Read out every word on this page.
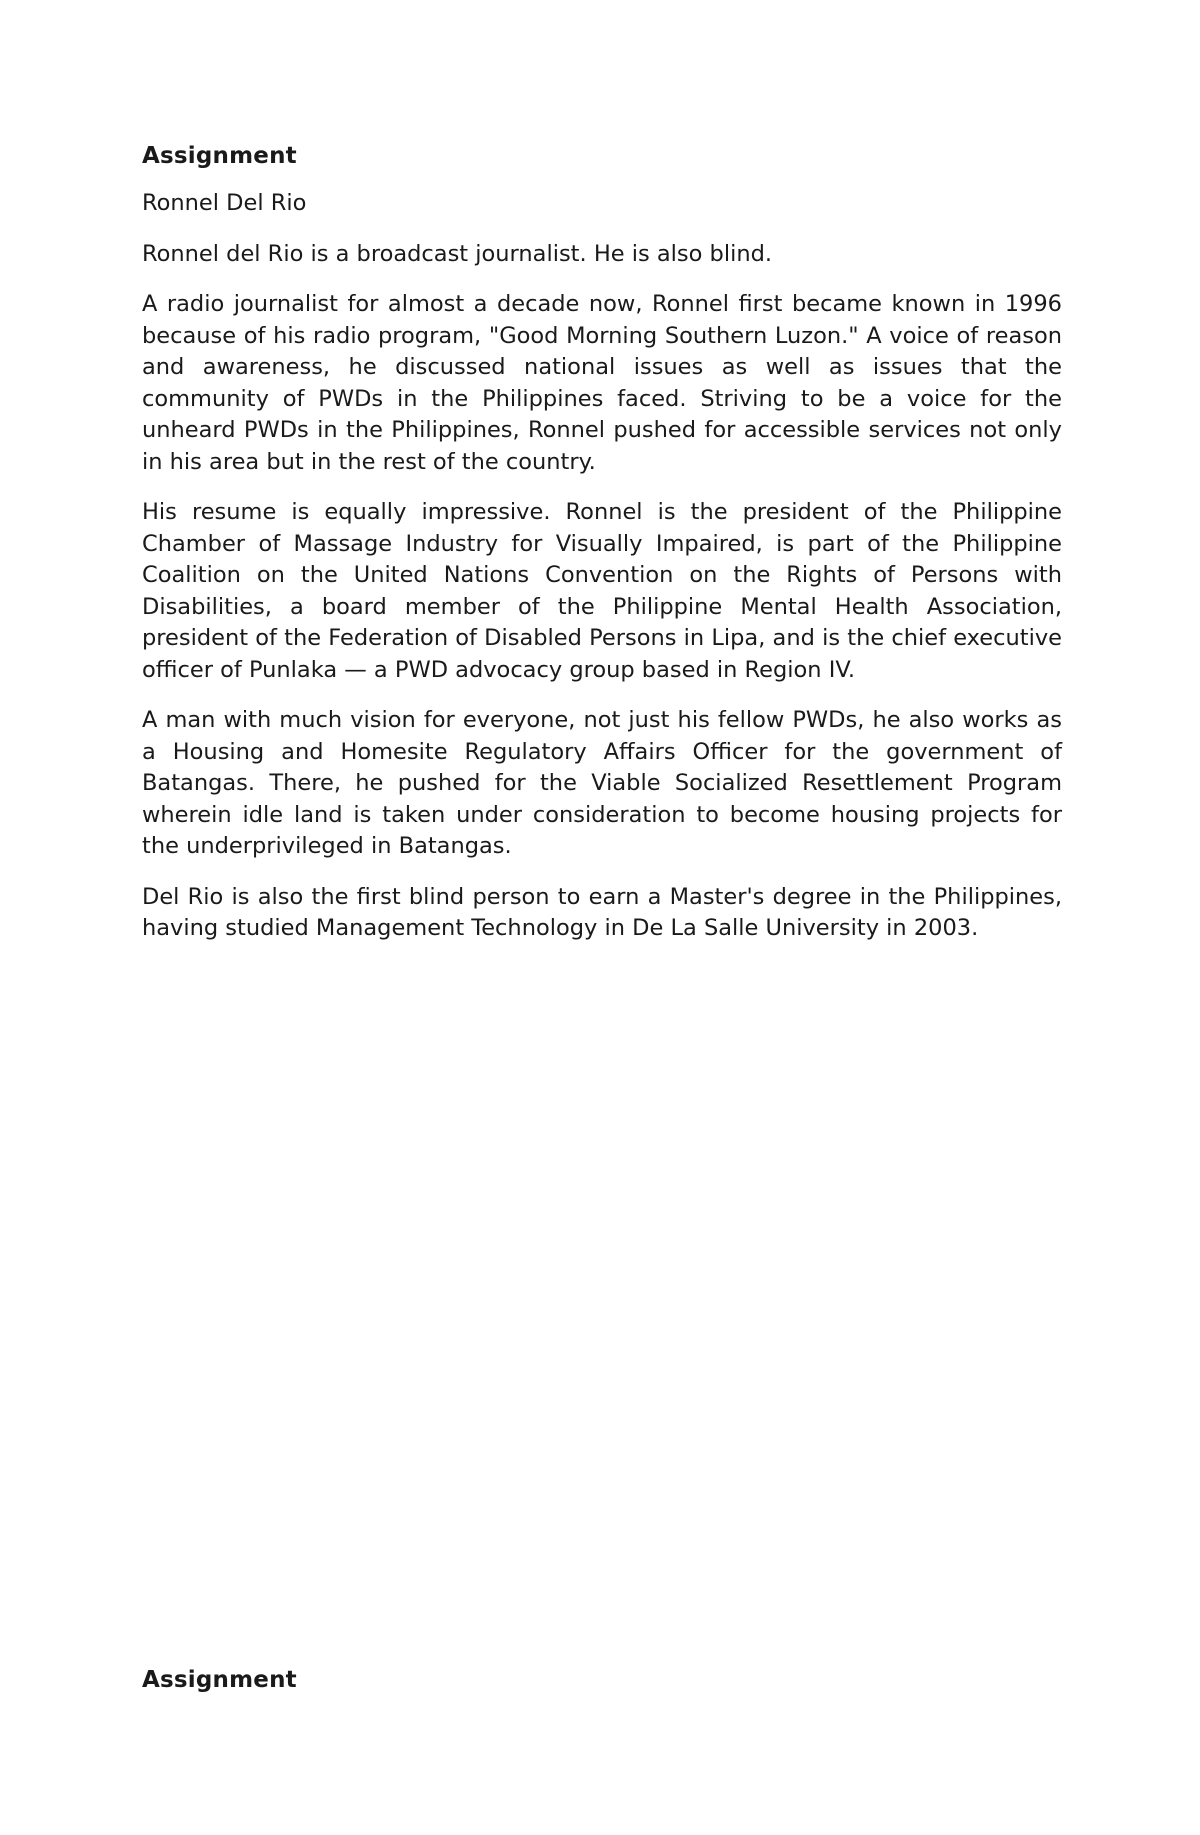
Assignment

Ronnel Del Rio

Ronnel del Rio is a broadcast journalist. He is also blind.

A radio journalist for almost a decade now, Ronnel first became known in 1996 because of his radio program, "Good Morning Southern Luzon." A voice of reason and awareness, he discussed national issues as well as issues that the community of PWDs in the Philippines faced. Striving to be a voice for the unheard PWDs in the Philippines, Ronnel pushed for accessible services not only in his area but in the rest of the country.

His resume is equally impressive. Ronnel is the president of the Philippine Chamber of Massage Industry for Visually Impaired, is part of the Philippine Coalition on the United Nations Convention on the Rights of Persons with Disabilities, a board member of the Philippine Mental Health Association, president of the Federation of Disabled Persons in Lipa, and is the chief executive officer of Punlaka — a PWD advocacy group based in Region IV.

A man with much vision for everyone, not just his fellow PWDs, he also works as a Housing and Homesite Regulatory Affairs Officer for the government of Batangas. There, he pushed for the Viable Socialized Resettlement Program wherein idle land is taken under consideration to become housing projects for the underprivileged in Batangas.

Del Rio is also the first blind person to earn a Master's degree in the Philippines, having studied Management Technology in De La Salle University in 2003.

Assignment
